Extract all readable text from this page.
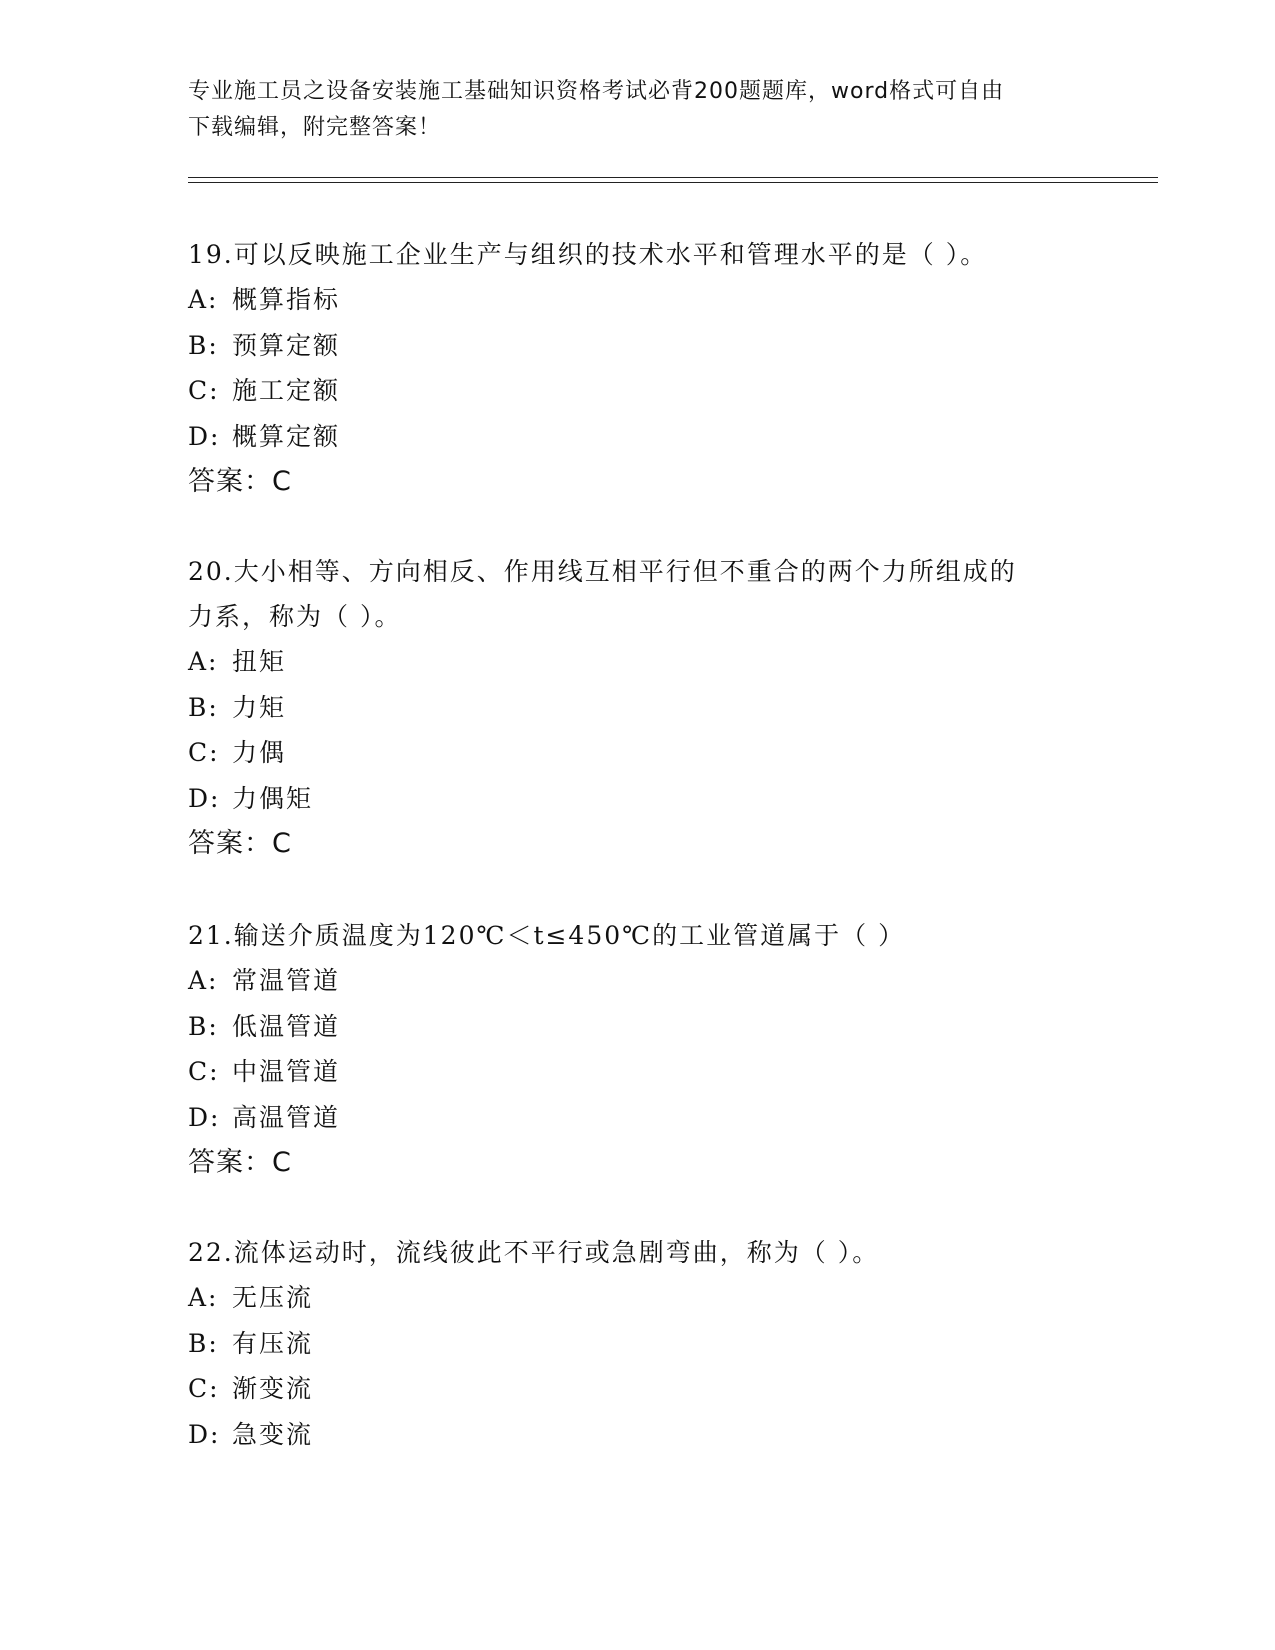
专业施工员之设备安装施工基础知识资格考试必背200题题库，word格式可自由
下载编辑，附完整答案！
19.可以反映施工企业生产与组织的技术水平和管理水平的是（ ）。
A: 概算指标
B: 预算定额
C: 施工定额
D: 概算定额
答案：C
20.大小相等、方向相反、作用线互相平行但不重合的两个力所组成的
力系，称为（ ）。
A: 扭矩
B: 力矩
C: 力偶
D: 力偶矩
答案：C
21.输送介质温度为120℃＜t≤450℃的工业管道属于（ ）
A: 常温管道
B: 低温管道
C: 中温管道
D: 高温管道
答案：C
22.流体运动时，流线彼此不平行或急剧弯曲，称为（ ）。
A: 无压流
B: 有压流
C: 渐变流
D: 急变流
